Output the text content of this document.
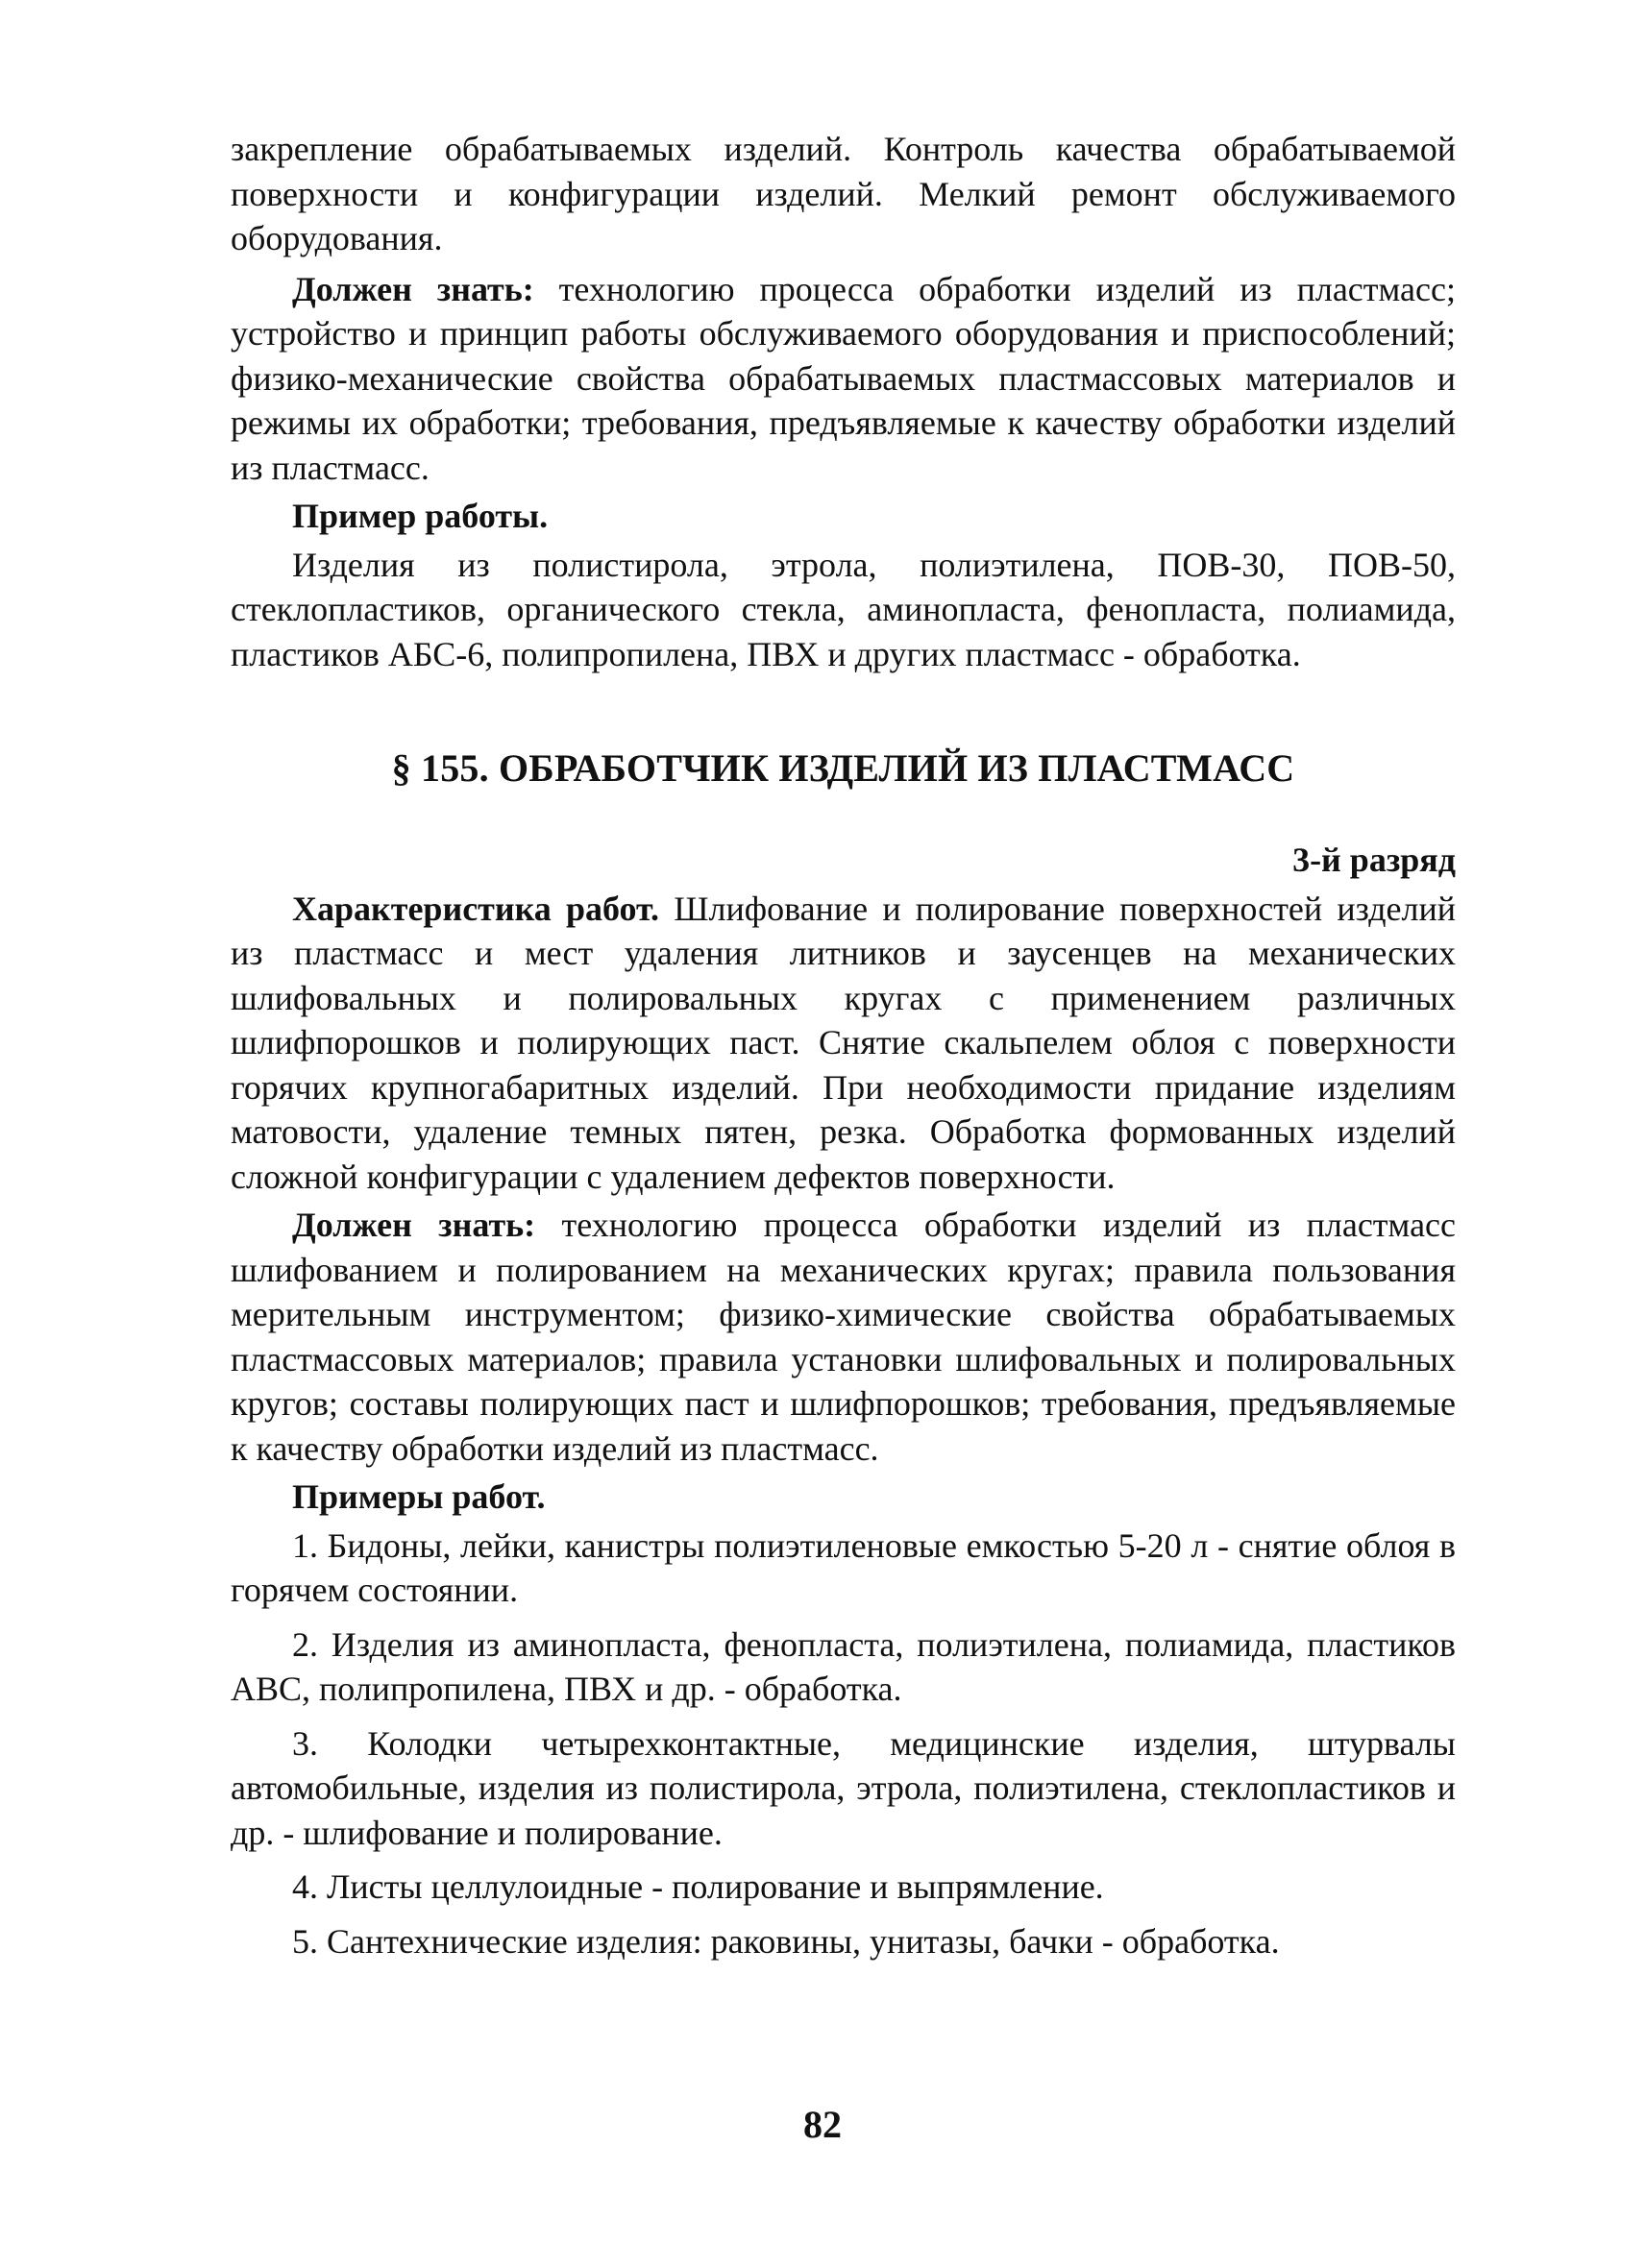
закрепление обрабатываемых изделий. Контроль качества обрабатываемой поверхности и конфигурации изделий. Мелкий ремонт обслуживаемого оборудования.

Должен знать: технологию процесса обработки изделий из пластмасс; устройство и принцип работы обслуживаемого оборудования и приспособлений; физико-механические свойства обрабатываемых пластмассовых материалов и режимы их обработки; требования, предъявляемые к качеству обработки изделий из пластмасс.

Пример работы.

Изделия из полистирола, этрола, полиэтилена, ПОВ-30, ПОВ-50, стеклопластиков, органического стекла, аминопласта, фенопласта, полиамида, пластиков АБС-6, полипропилена, ПВХ и других пластмасс - обработка.

§ 155. ОБРАБОТЧИК ИЗДЕЛИЙ ИЗ ПЛАСТМАСС
3-й разряд

Характеристика работ. Шлифование и полирование поверхностей изделий из пластмасс и мест удаления литников и заусенцев на механических шлифовальных и полировальных кругах с применением различных шлифпорошков и полирующих паст. Снятие скальпелем облоя с поверхности горячих крупногабаритных изделий. При необходимости придание изделиям матовости, удаление темных пятен, резка. Обработка формованных изделий сложной конфигурации с удалением дефектов поверхности.

Должен знать: технологию процесса обработки изделий из пластмасс шлифованием и полированием на механических кругах; правила пользования мерительным инструментом; физико-химические свойства обрабатываемых пластмассовых материалов; правила установки шлифовальных и полировальных кругов; составы полирующих паст и шлифпорошков; требования, предъявляемые к качеству обработки изделий из пластмасс.

Примеры работ.

1. Бидоны, лейки, канистры полиэтиленовые емкостью 5-20 л - снятие облоя в горячем состоянии.

2. Изделия из аминопласта, фенопласта, полиэтилена, полиамида, пластиков АВС, полипропилена, ПВХ и др. - обработка.

3. Колодки четырехконтактные, медицинские изделия, штурвалы автомобильные, изделия из полистирола, этрола, полиэтилена, стеклопластиков и др. - шлифование и полирование.

4. Листы целлулоидные - полирование и выпрямление.

5. Сантехнические изделия: раковины, унитазы, бачки - обработка.

82
